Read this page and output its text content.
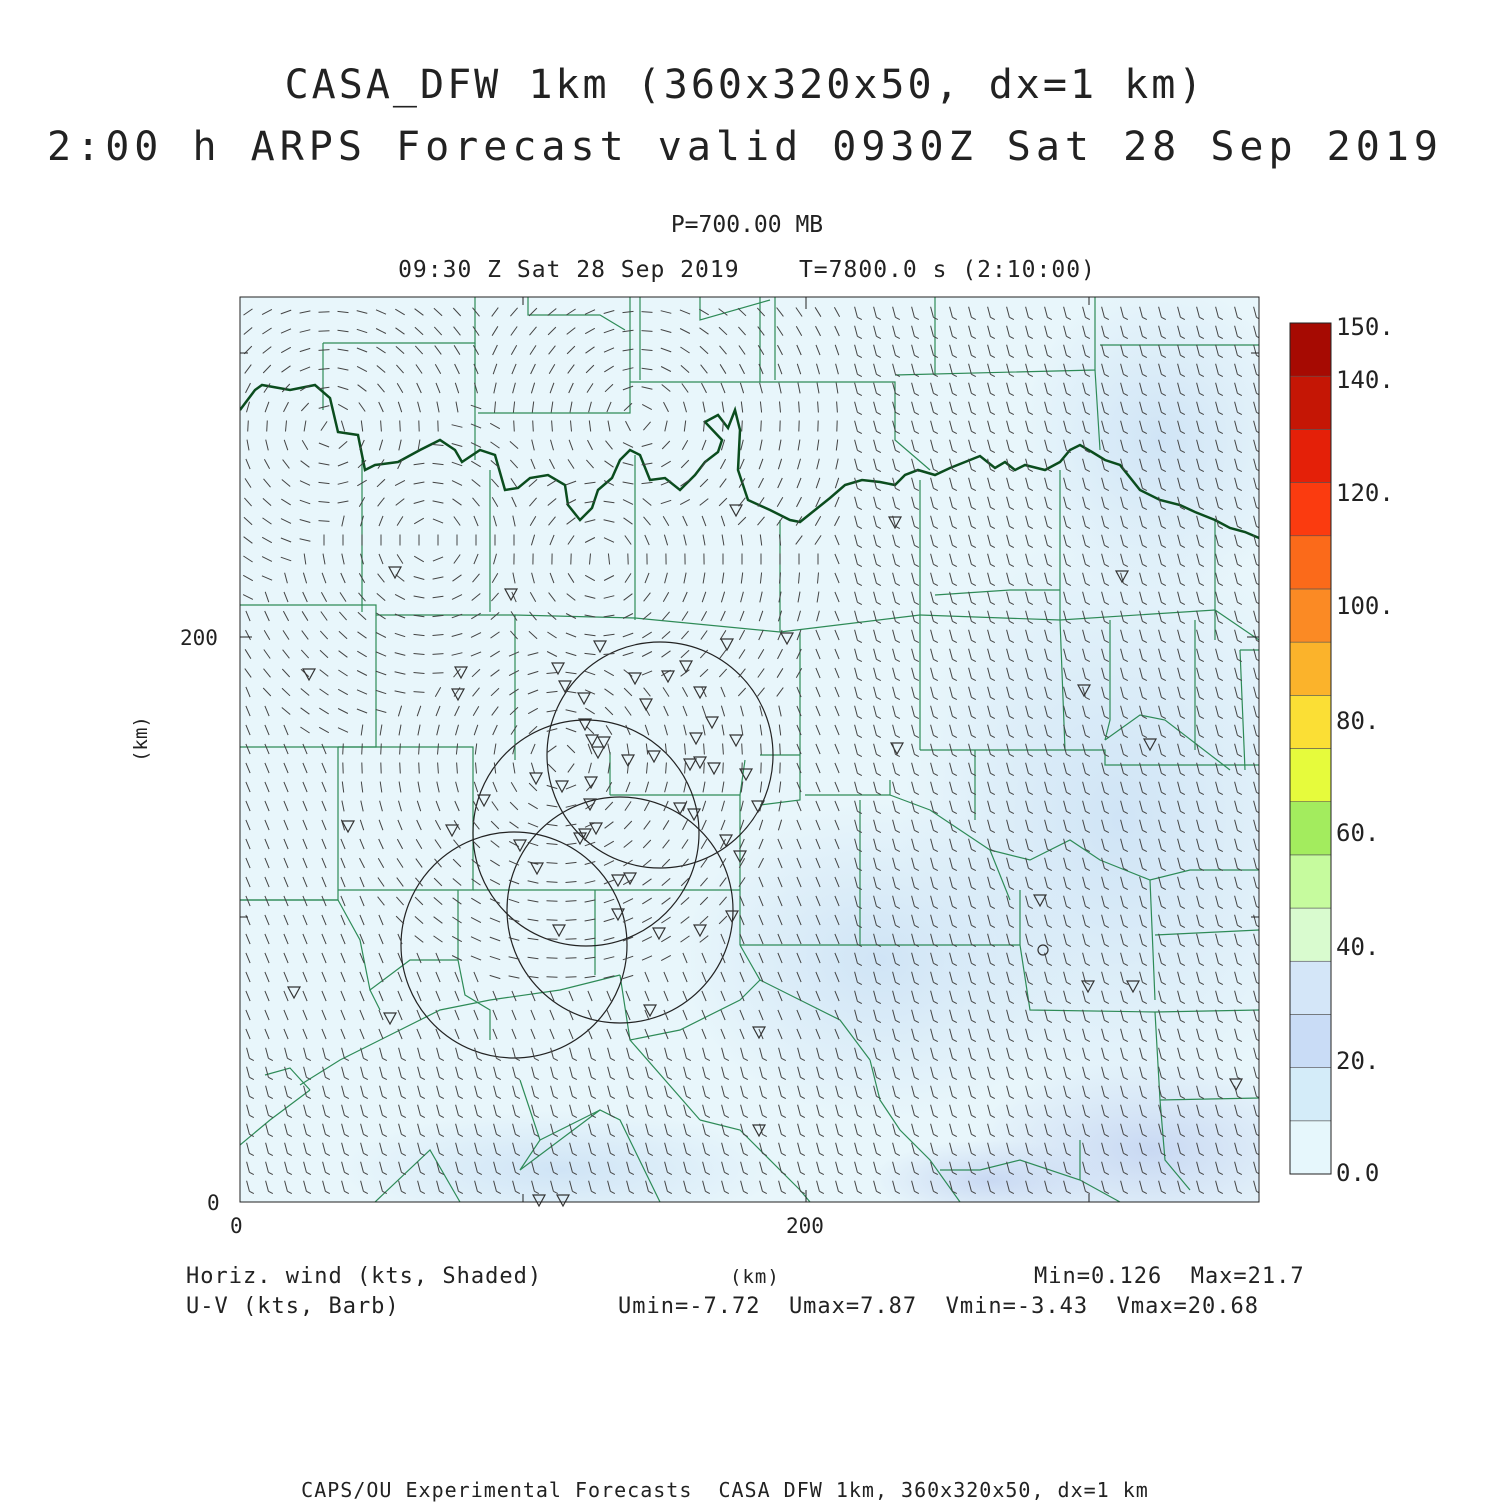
CASA_DFW 1km (360x320x50, dx=1 km)
2:00 h ARPS Forecast valid 0930Z Sat 28 Sep 2019
P=700.00 MB
09:30 Z Sat 28 Sep 2019    T=7800.0 s (2:10:00)
200
0
0	200
(km)
(km)
0.0
20.
40.
60.
80.
100.
120.
140.
150.
Horiz. wind (kts, Shaded)
U-V (kts, Barb)
Min=0.126  Max=21.7
Umin=-7.72  Umax=7.87  Vmin=-3.43  Vmax=20.68
CAPS/OU Experimental Forecasts  CASA DFW 1km, 360x320x50, dx=1 km
